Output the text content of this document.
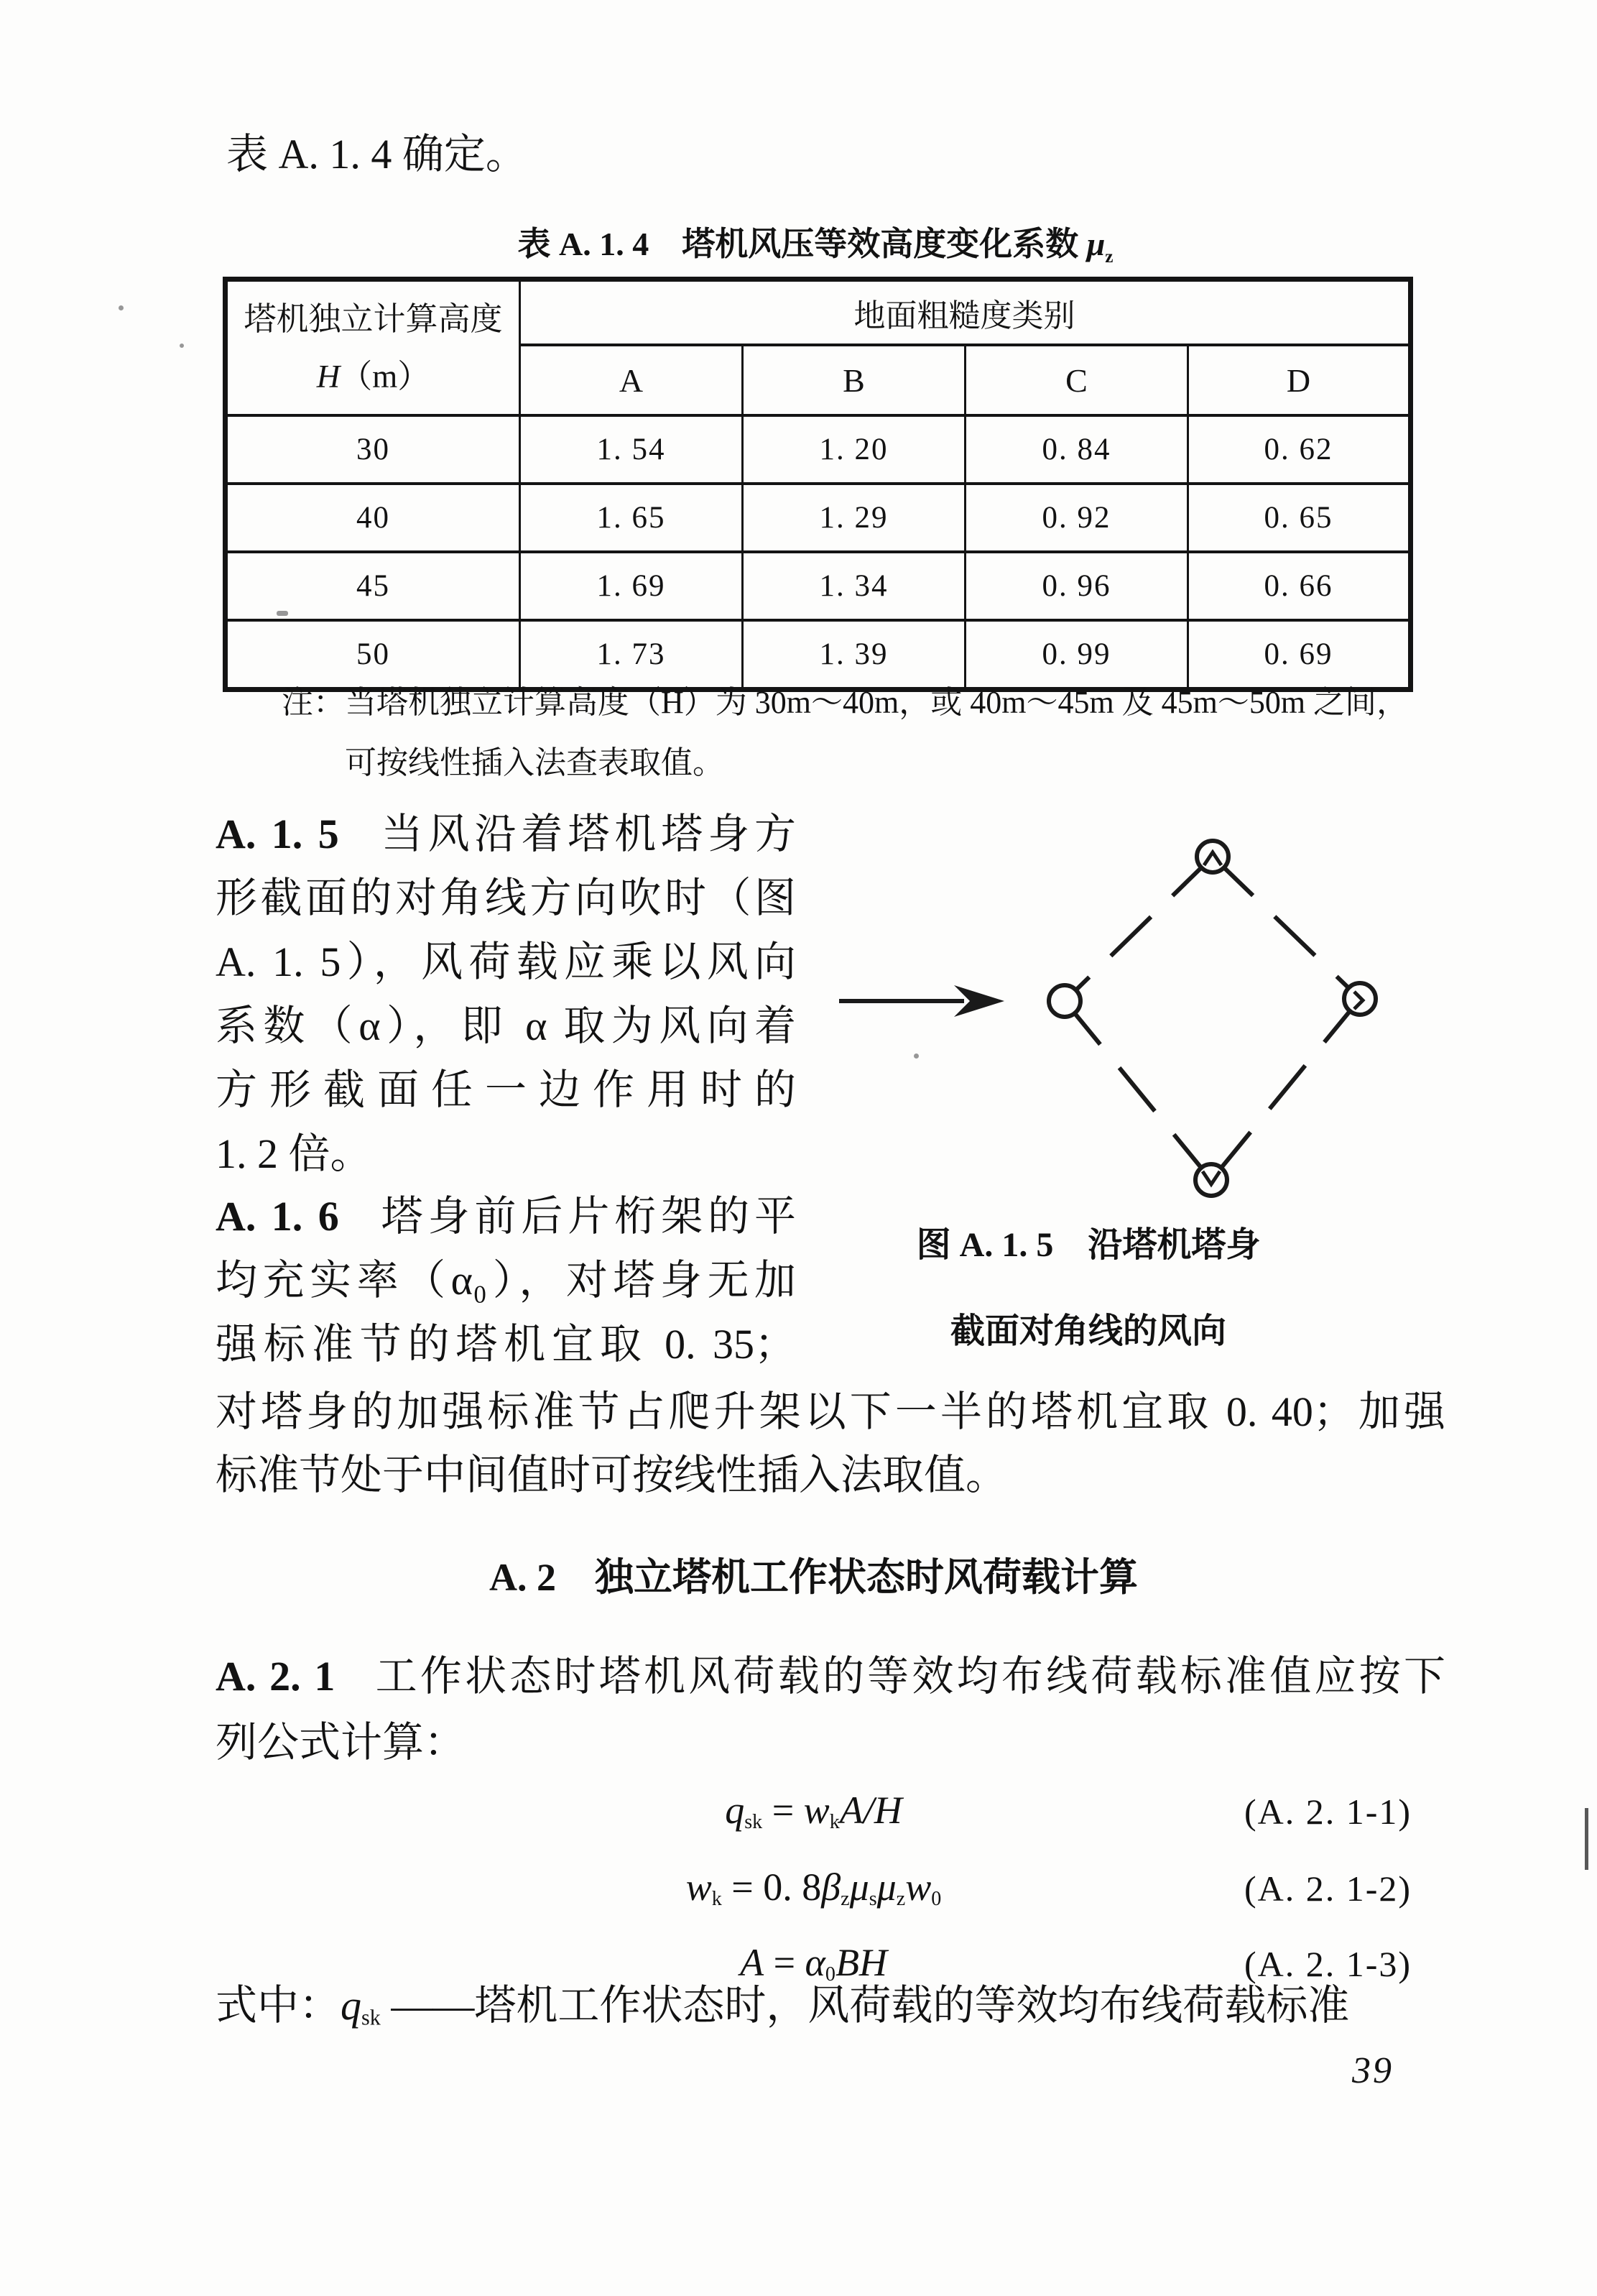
表 A. 1. 4 确定。
表 A. 1. 4　塔机风压等效高度变化系数 $\mu_z$
塔机独立计算高度
H（m）	地面粗糙度类别			
	A	B	C	D
30	1. 54	1. 20	0. 84	0. 62
40	1. 65	1. 29	0. 92	0. 65
45	1. 69	1. 34	0. 96	0. 66
50	1. 73	1. 39	0. 99	0. 69
注：当塔机独立计算高度（H）为 30m～40m，或 40m～45m 及 45m～50m 之间，
可按线性插入法查表取值。
A. 1. 5 当风沿着塔机塔身方
形截面的对角线方向吹时（图
A. 1. 5），风荷载应乘以风向
系数（α），即 α 取为风向着
方形截面任一边作用时的
1. 2 倍。
A. 1. 6 塔身前后片桁架的平
均充实率（α₀），对塔身无加
强标准节的塔机宜取 0. 35；
图 A. 1. 5　沿塔机塔身
截面对角线的风向
对塔身的加强标准节占爬升架以下一半的塔机宜取 0. 40；加强
标准节处于中间值时可按线性插入法取值。
A. 2　独立塔机工作状态时风荷载计算
A. 2. 1 工作状态时塔机风荷载的等效均布线荷载标准值应按下
列公式计算：
$q_{sk} = w_kA/H$	(A. 2. 1-1)
$w_k = 0$. $8\beta_z\mu_s\mu_zw_0$	(A. 2. 1-2)
$A = \alpha_0BH$	(A. 2. 1-3)
式中：$q_{sk}$ ——塔机工作状态时，风荷载的等效均布线荷载标准
39
